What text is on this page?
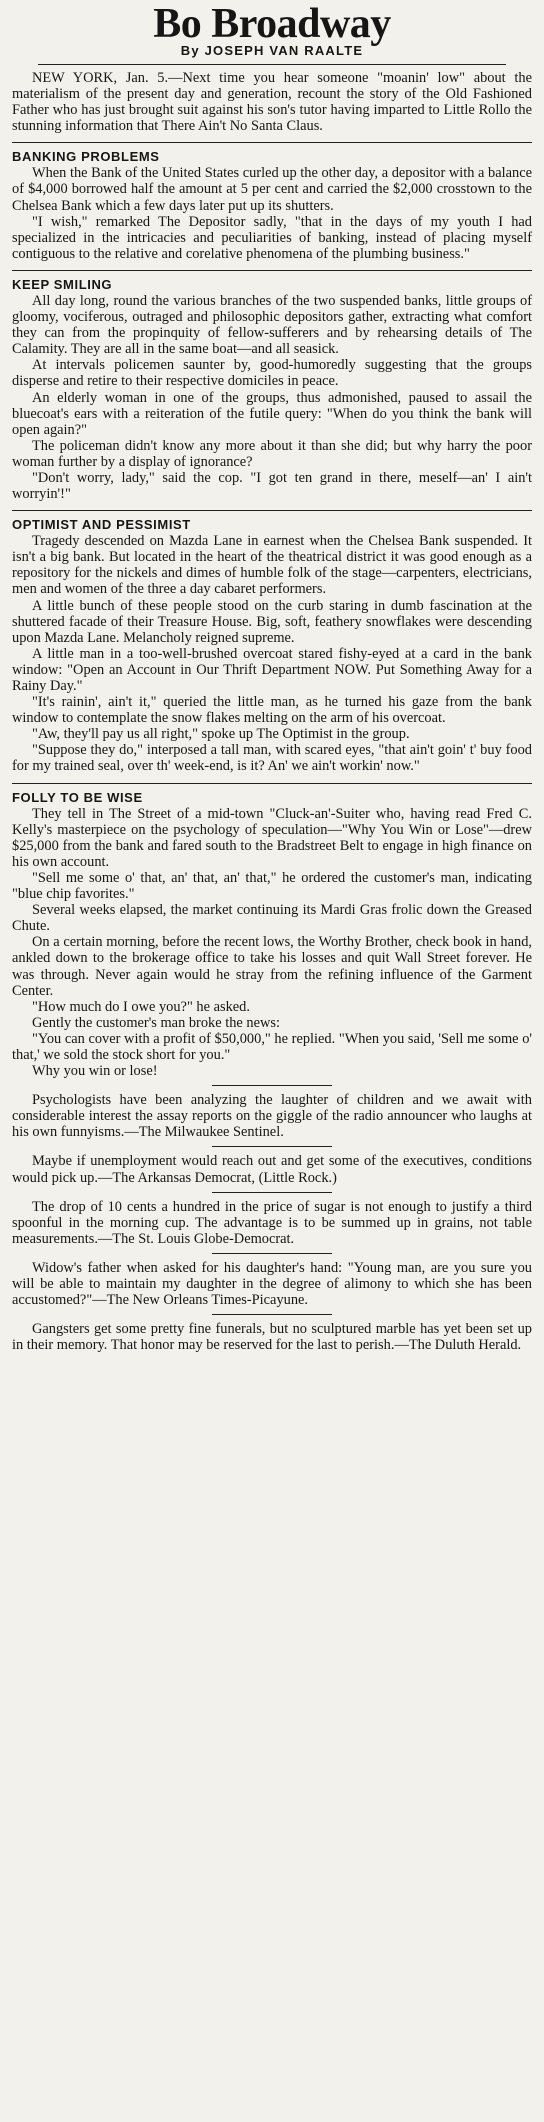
Bo Broadway
By JOSEPH VAN RAALTE

NEW YORK, Jan. 5.—Next time you hear someone "moanin' low" about the materialism of the present day and generation, recount the story of the Old Fashioned Father who has just brought suit against his son's tutor having imparted to Little Rollo the stunning information that There Ain't No Santa Claus.

BANKING PROBLEMS

When the Bank of the United States curled up the other day, a depositor with a balance of $4,000 borrowed half the amount at 5 per cent and carried the $2,000 crosstown to the Chelsea Bank which a few days later put up its shutters.

"I wish," remarked The Depositor sadly, "that in the days of my youth I had specialized in the intricacies and peculiarities of banking, instead of placing myself contiguous to the relative and corelative phenomena of the plumbing business."

KEEP SMILING

All day long, round the various branches of the two suspended banks, little groups of gloomy, vociferous, outraged and philosophic depositors gather, extracting what comfort they can from the propinquity of fellow-sufferers and by rehearsing details of The Calamity. They are all in the same boat—and all seasick.

At intervals policemen saunter by, good-humoredly suggesting that the groups disperse and retire to their respective domiciles in peace.

An elderly woman in one of the groups, thus admonished, paused to assail the bluecoat's ears with a reiteration of the futile query: "When do you think the bank will open again?"

The policeman didn't know any more about it than she did; but why harry the poor woman further by a display of ignorance?

"Don't worry, lady," said the cop. "I got ten grand in there, meself—an' I ain't worryin'!"

OPTIMIST AND PESSIMIST

Tragedy descended on Mazda Lane in earnest when the Chelsea Bank suspended. It isn't a big bank. But located in the heart of the theatrical district it was good enough as a repository for the nickels and dimes of humble folk of the stage—carpenters, electricians, men and women of the three a day cabaret performers.

A little bunch of these people stood on the curb staring in dumb fascination at the shuttered facade of their Treasure House. Big, soft, feathery snowflakes were descending upon Mazda Lane. Melancholy reigned supreme.

A little man in a too-well-brushed overcoat stared fishy-eyed at a card in the bank window: "Open an Account in Our Thrift Department NOW. Put Something Away for a Rainy Day."

"It's rainin', ain't it," queried the little man, as he turned his gaze from the bank window to contemplate the snow flakes melting on the arm of his overcoat.

"Aw, they'll pay us all right," spoke up The Optimist in the group.

"Suppose they do," interposed a tall man, with scared eyes, "that ain't goin' t' buy food for my trained seal, over th' week-end, is it? An' we ain't workin' now."

FOLLY TO BE WISE

They tell in The Street of a mid-town "Cluck-an'-Suiter who, having read Fred C. Kelly's masterpiece on the psychology of speculation—"Why You Win or Lose"—drew $25,000 from the bank and fared south to the Bradstreet Belt to engage in high finance on his own account.

"Sell me some o' that, an' that, an' that," he ordered the customer's man, indicating "blue chip favorites."

Several weeks elapsed, the market continuing its Mardi Gras frolic down the Greased Chute.

On a certain morning, before the recent lows, the Worthy Brother, check book in hand, ankled down to the brokerage office to take his losses and quit Wall Street forever. He was through. Never again would he stray from the refining influence of the Garment Center.

"How much do I owe you?" he asked.

Gently the customer's man broke the news:

"You can cover with a profit of $50,000," he replied. "When you said, 'Sell me some o' that,' we sold the stock short for you."

Why you win or lose!

Psychologists have been analyzing the laughter of children and we await with considerable interest the assay reports on the giggle of the radio announcer who laughs at his own funnyisms.—The Milwaukee Sentinel.

Maybe if unemployment would reach out and get some of the executives, conditions would pick up.—The Arkansas Democrat, (Little Rock.)

The drop of 10 cents a hundred in the price of sugar is not enough to justify a third spoonful in the morning cup. The advantage is to be summed up in grains, not table measurements.—The St. Louis Globe-Democrat.

Widow's father when asked for his daughter's hand: "Young man, are you sure you will be able to maintain my daughter in the degree of alimony to which she has been accustomed?"—The New Orleans Times-Picayune.

Gangsters get some pretty fine funerals, but no sculptured marble has yet been set up in their memory. That honor may be reserved for the last to perish.—The Duluth Herald.
